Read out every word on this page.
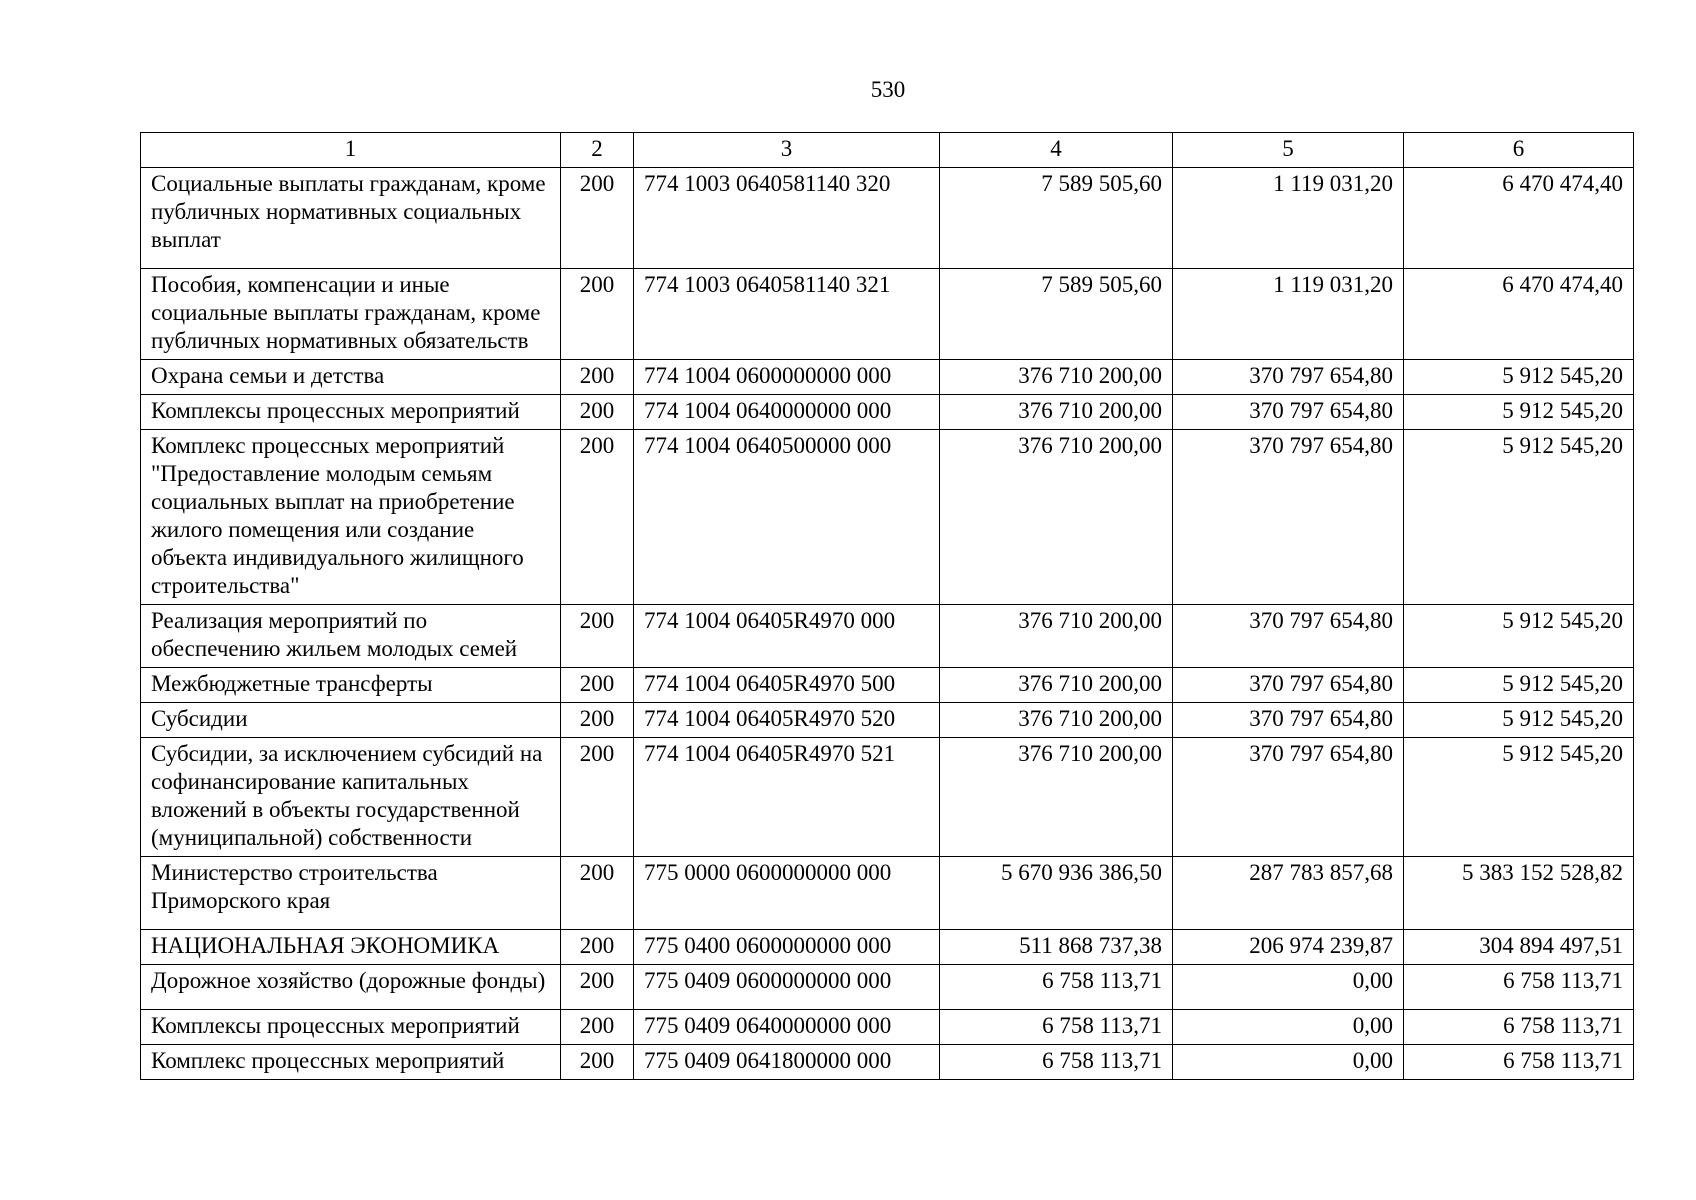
530
1	2	3	4	5	6
Социальные выплаты гражданам, кроме публичных нормативных социальных выплат	200	774 1003 0640581140 320	7 589 505,60	1 119 031,20	6 470 474,40
Пособия, компенсации и иные социальные выплаты гражданам, кроме публичных нормативных обязательств	200	774 1003 0640581140 321	7 589 505,60	1 119 031,20	6 470 474,40
Охрана семьи и детства	200	774 1004 0600000000 000	376 710 200,00	370 797 654,80	5 912 545,20
Комплексы процессных мероприятий	200	774 1004 0640000000 000	376 710 200,00	370 797 654,80	5 912 545,20
Комплекс процессных мероприятий "Предоставление молодым семьям социальных выплат на приобретение жилого помещения или создание объекта индивидуального жилищного строительства"	200	774 1004 0640500000 000	376 710 200,00	370 797 654,80	5 912 545,20
Реализация мероприятий по обеспечению жильем молодых семей	200	774 1004 06405R4970 000	376 710 200,00	370 797 654,80	5 912 545,20
Межбюджетные трансферты	200	774 1004 06405R4970 500	376 710 200,00	370 797 654,80	5 912 545,20
Субсидии	200	774 1004 06405R4970 520	376 710 200,00	370 797 654,80	5 912 545,20
Субсидии, за исключением субсидий на софинансирование капитальных вложений в объекты государственной (муниципальной) собственности	200	774 1004 06405R4970 521	376 710 200,00	370 797 654,80	5 912 545,20
Министерство строительства Приморского края	200	775 0000 0600000000 000	5 670 936 386,50	287 783 857,68	5 383 152 528,82
НАЦИОНАЛЬНАЯ ЭКОНОМИКА	200	775 0400 0600000000 000	511 868 737,38	206 974 239,87	304 894 497,51
Дорожное хозяйство (дорожные фонды)	200	775 0409 0600000000 000	6 758 113,71	0,00	6 758 113,71
Комплексы процессных мероприятий	200	775 0409 0640000000 000	6 758 113,71	0,00	6 758 113,71
Комплекс процессных мероприятий	200	775 0409 0641800000 000	6 758 113,71	0,00	6 758 113,71
